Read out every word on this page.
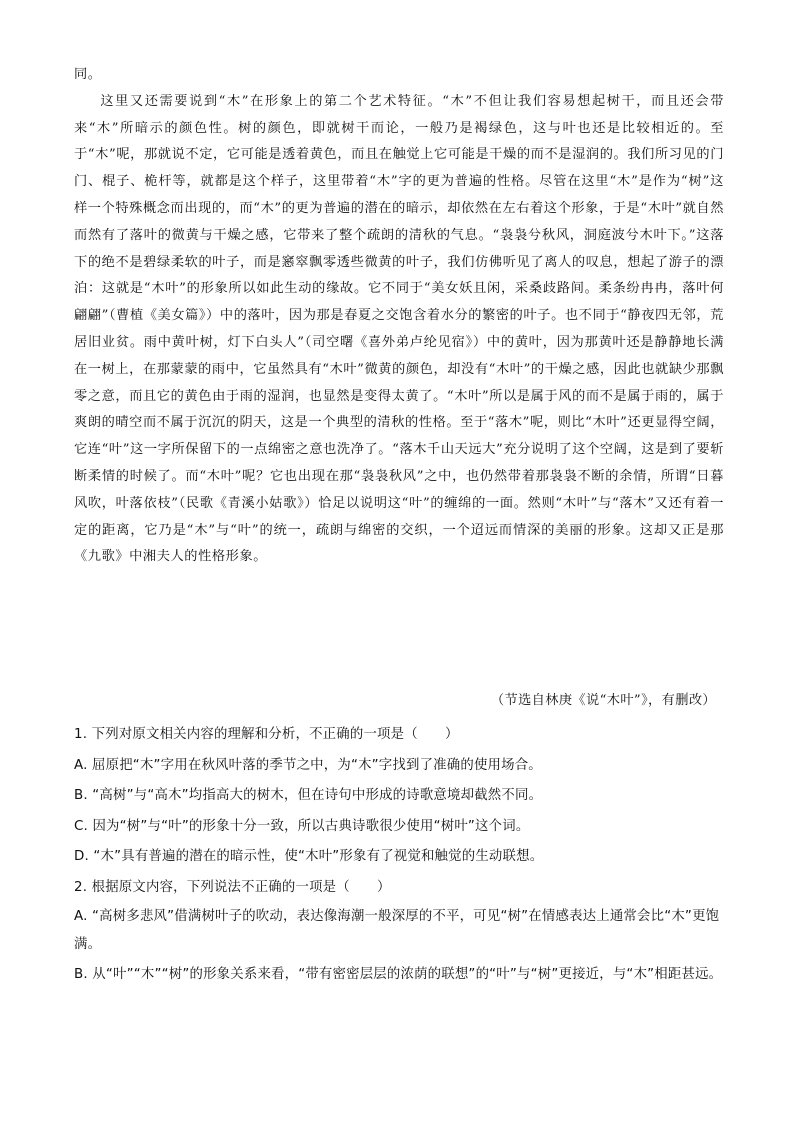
同。

这里又还需要说到“木”在形象上的第二个艺术特征。“木”不但让我们容易想起树干，而且还会带来“木”所暗示的颜色性。树的颜色，即就树干而论，一般乃是褐绿色，这与叶也还是比较相近的。至于“木”呢，那就说不定，它可能是透着黄色，而且在触觉上它可能是干燥的而不是湿润的。我们所习见的门门、棍子、桅杆等，就都是这个样子，这里带着“木”字的更为普遍的性格。尽管在这里“木”是作为“树”这样一个特殊概念而出现的，而“木”的更为普遍的潜在的暗示，却依然在左右着这个形象，于是“木叶”就自然而然有了落叶的微黄与干燥之感，它带来了整个疏朗的清秋的气息。“袅袅兮秋风，洞庭波兮木叶下。”这落下的绝不是碧绿柔软的叶子，而是窸窣飘零透些微黄的叶子，我们仿佛听见了离人的叹息，想起了游子的漂泊：这就是“木叶”的形象所以如此生动的缘故。它不同于“美女妖且闲，采桑歧路间。柔条纷冉冉，落叶何翩翩”（曹植《美女篇》）中的落叶，因为那是春夏之交饱含着水分的繁密的叶子。也不同于“静夜四无邻，荒居旧业贫。雨中黄叶树，灯下白头人”（司空曙《喜外弟卢纶见宿》）中的黄叶，因为那黄叶还是静静地长满在一树上，在那蒙蒙的雨中，它虽然具有“木叶”微黄的颜色，却没有“木叶”的干燥之感，因此也就缺少那飘零之意，而且它的黄色由于雨的湿润，也显然是变得太黄了。“木叶”所以是属于风的而不是属于雨的，属于爽朗的晴空而不属于沉沉的阴天，这是一个典型的清秋的性格。至于“落木”呢，则比“木叶”还更显得空阔，它连“叶”这一字所保留下的一点绵密之意也洗净了。“落木千山天远大”充分说明了这个空阔，这是到了要斩断柔情的时候了。而“木叶”呢？它也出现在那“袅袅秋风”之中，也仍然带着那袅袅不断的余情，所谓“日暮风吹，叶落依枝”（民歌《青溪小姑歌》）恰足以说明这“叶”的缠绵的一面。然则“木叶”与“落木”又还有着一定的距离，它乃是“木”与“叶”的统一，疏朗与绵密的交织，一个迢远而情深的美丽的形象。这却又正是那《九歌》中湘夫人的性格形象。

（节选自林庚《说“木叶”》，有删改）

1. 下列对原文相关内容的理解和分析，不正确的一项是（　　）

A. 屈原把“木”字用在秋风叶落的季节之中，为“木”字找到了准确的使用场合。

B. “高树”与“高木”均指高大的树木，但在诗句中形成的诗歌意境却截然不同。

C. 因为“树”与“叶”的形象十分一致，所以古典诗歌很少使用“树叶”这个词。

D. “木”具有普遍的潜在的暗示性，使“木叶”形象有了视觉和触觉的生动联想。

2. 根据原文内容，下列说法不正确的一项是（　　）

A. “高树多悲风”借满树叶子的吹动，表达像海潮一般深厚的不平，可见“树”在情感表达上通常会比“木”更饱满。

B. 从“叶”“木”“树”的形象关系来看，“带有密密层层的浓荫的联想”的“叶”与“树”更接近，与“木”相距甚远。
